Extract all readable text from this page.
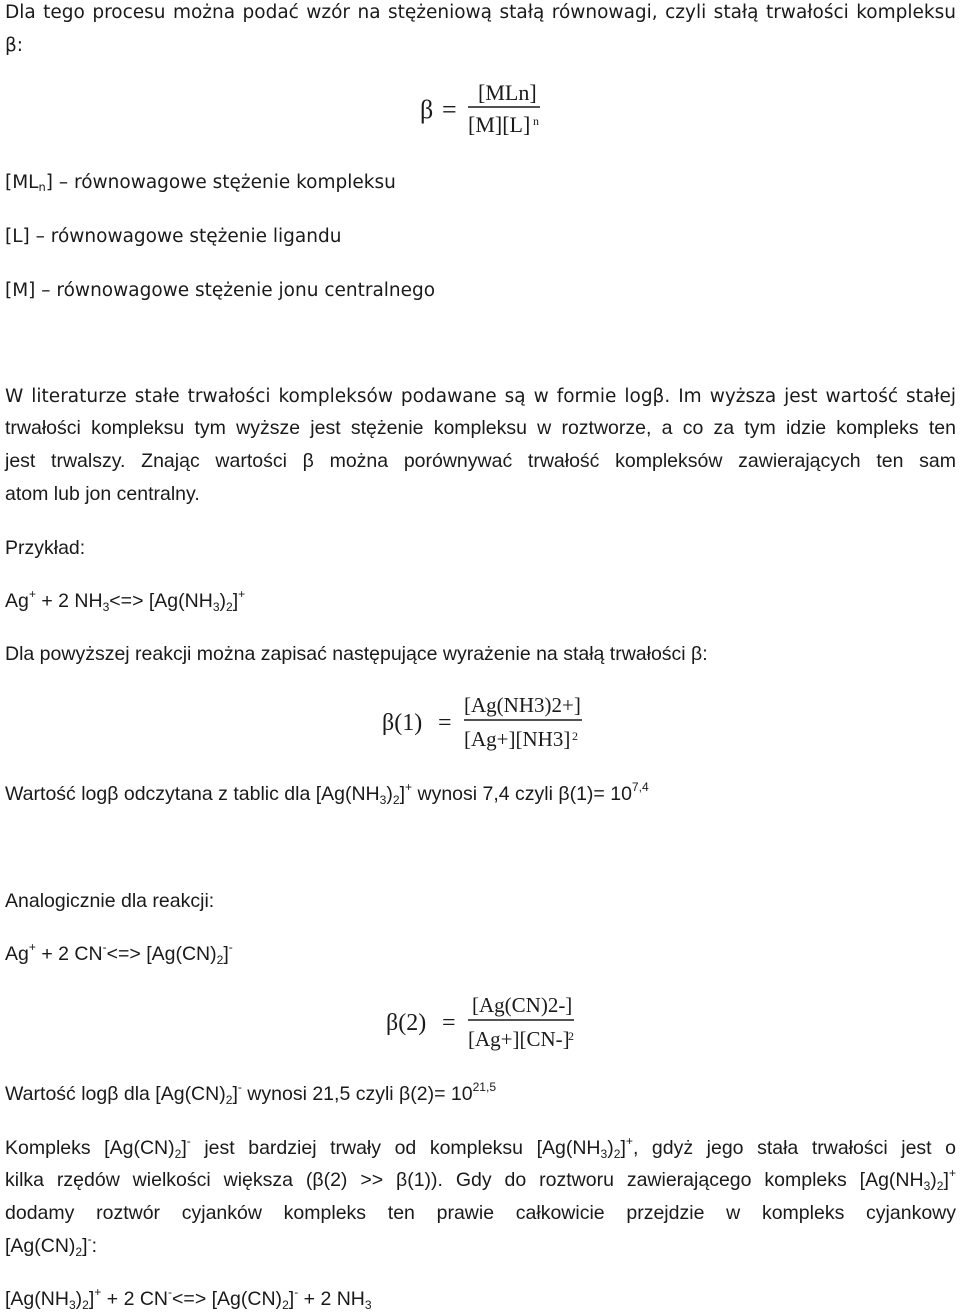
Dla tego procesu można podać wzór na stężeniową stałą równowagi, czyli stałą trwałości kompleksu
β:
β =
[MLn]
[M][L] n
$[ML_n]$ – równowagowe stężenie kompleksu
[L] – równowagowe stężenie ligandu
[M] – równowagowe stężenie jonu centralnego
W literaturze stałe trwałości kompleksów podawane są w formie logβ. Im wyższa jest wartość stałej
trwałości kompleksu tym wyższe jest stężenie kompleksu w roztworze, a co za tym idzie kompleks ten
jest trwalszy. Znając wartości β można porównywać trwałość kompleksów zawierających ten sam
atom lub jon centralny.
Przykład:
Ag+ + 2 $NH_3<=> [Ag(NH_3)_2]^+$
Dla powyższej reakcji można zapisać następujące wyrażenie na stałą trwałości β:
β(1) =
[Ag(NH3)2+]
[Ag+][NH3] 2
Wartość logβ odczytana z tablic dla $[Ag(NH_3)_2]^+$ wynosi 7,4 czyli $\beta(1)= 10^{7,4}$
Analogicznie dla reakcji:
Ag+ + 2 $CN^-<=> [Ag(CN)_2]^-$
β(2) =
[Ag(CN)2-]
[Ag+][CN-]
2
Wartość logβ dla $[Ag(CN)_2]^-$ wynosi 21,5 czyli $\beta(2)= 10^{21,5}$
Kompleks $[Ag(CN)_2]^-$ jest bardziej trwały od kompleksu $[Ag(NH_3)_2]^+$, gdyż jego stała trwałości jest o
kilka rzędów wielkości większa (β(2) >> β(1)). Gdy do roztworu zawierającego kompleks $[Ag(NH_3)_2]^+$
dodamy roztwór cyjanków kompleks ten prawie całkowicie przejdzie w kompleks cyjankowy
$[Ag(CN)_2]^-$:
$[Ag(NH_3)_2]^+ + 2$ $CN^-<=> [Ag(CN)_2]^- + 2$ $NH_3$
